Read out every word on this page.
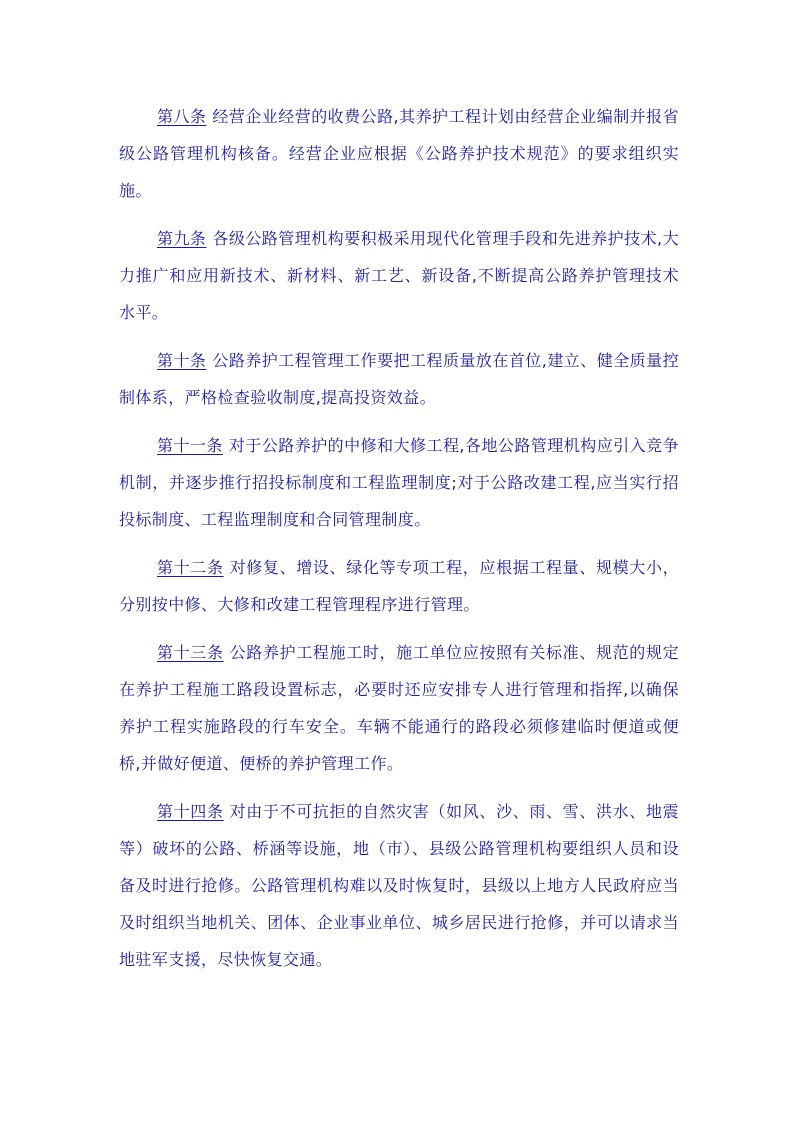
第八条 经营企业经营的收费公路,其养护工程计划由经营企业编制并报省级公路管理机构核备。经营企业应根据《公路养护技术规范》的要求组织实施。

第九条 各级公路管理机构要积极采用现代化管理手段和先进养护技术,大力推广和应用新技术、新材料、新工艺、新设备,不断提高公路养护管理技术水平。

第十条 公路养护工程管理工作要把工程质量放在首位,建立、健全质量控制体系，严格检查验收制度,提高投资效益。

第十一条 对于公路养护的中修和大修工程,各地公路管理机构应引入竞争机制，并逐步推行招投标制度和工程监理制度;对于公路改建工程,应当实行招投标制度、工程监理制度和合同管理制度。

第十二条 对修复、增设、绿化等专项工程，应根据工程量、规模大小，分别按中修、大修和改建工程管理程序进行管理。

第十三条 公路养护工程施工时，施工单位应按照有关标准、规范的规定在养护工程施工路段设置标志，必要时还应安排专人进行管理和指挥,以确保养护工程实施路段的行车安全。车辆不能通行的路段必须修建临时便道或便桥,并做好便道、便桥的养护管理工作。

第十四条 对由于不可抗拒的自然灾害（如风、沙、雨、雪、洪水、地震等）破坏的公路、桥涵等设施，地（市）、县级公路管理机构要组织人员和设备及时进行抢修。公路管理机构难以及时恢复时，县级以上地方人民政府应当及时组织当地机关、团体、企业事业单位、城乡居民进行抢修，并可以请求当地驻军支援，尽快恢复交通。
